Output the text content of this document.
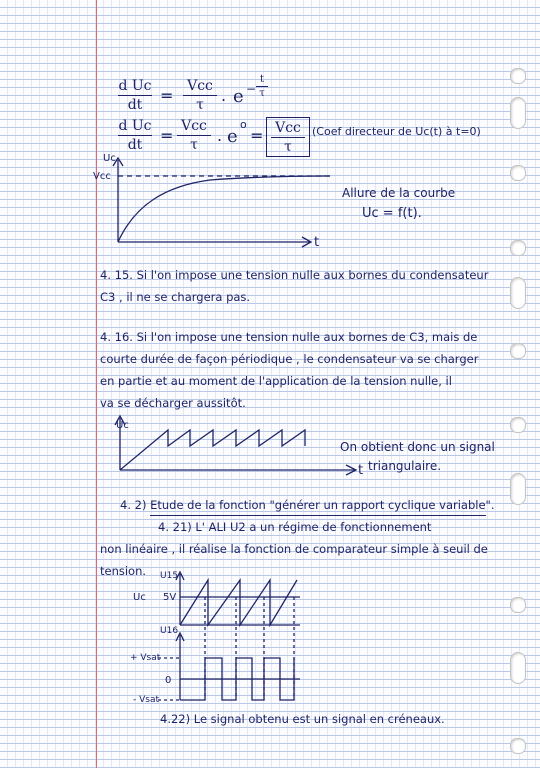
d Uc
dt	= Vcc
τ	. e −
t
τ
d Uc
dt	= Vcc
τ	. e
o
= Vcc
τ
(Coef directeur de Uc(t) à t=0)
Uc
Vcc
t
Allure de la courbe
Uc = f(t).
4. 15. Si l'on impose une tension nulle aux bornes du condensateur
C3 , il ne se chargera pas.
4. 16. Si l'on impose une tension nulle aux bornes de C3, mais de
courte durée de façon périodique , le condensateur va se charger
en partie et au moment de l'application de la tension nulle, il
va se décharger aussitôt.
Uc
t
On obtient donc un signal
triangulaire.
4. 2) Etude de la fonction "générer un rapport cyclique variable".
4. 21) L' ALI U2 a un régime de fonctionnement
non linéaire , il réalise la fonction de comparateur simple à seuil de
tension. U15
Uc 5V
U16
+ Vsat
0
- Vsat
4.22) Le signal obtenu est un signal en créneaux.
